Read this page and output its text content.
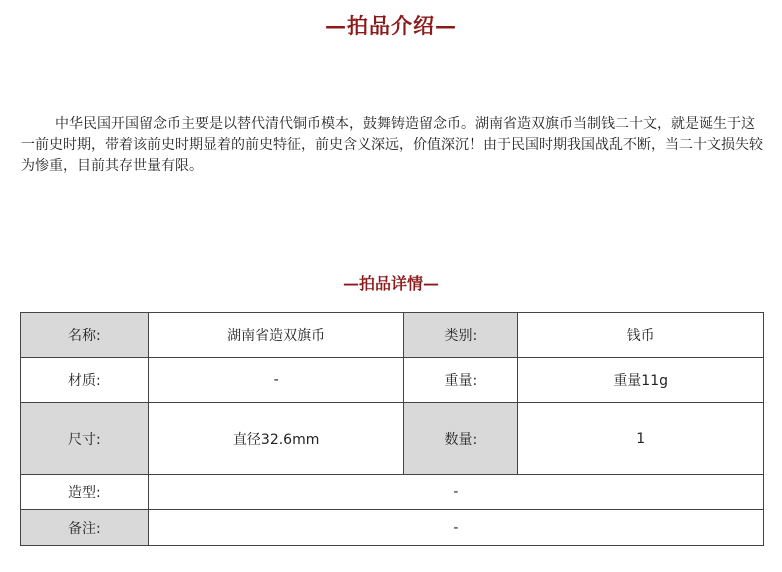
—拍品介绍—

中华民国开国留念币主要是以替代清代铜币模本，鼓舞铸造留念币。湖南省造双旗币当制钱二十文，就是诞生于这一前史时期，带着该前史时期显着的前史特征，前史含义深远，价值深沉！由于民国时期我国战乱不断，当二十文损失较为惨重，目前其存世量有限。

—拍品详情—
名称:	湖南省造双旗币	类别:	钱币
材质:	-	重量:	重量11g
尺寸:	直径32.6mm	数量:	1
造型:	-		
备注:	-		
